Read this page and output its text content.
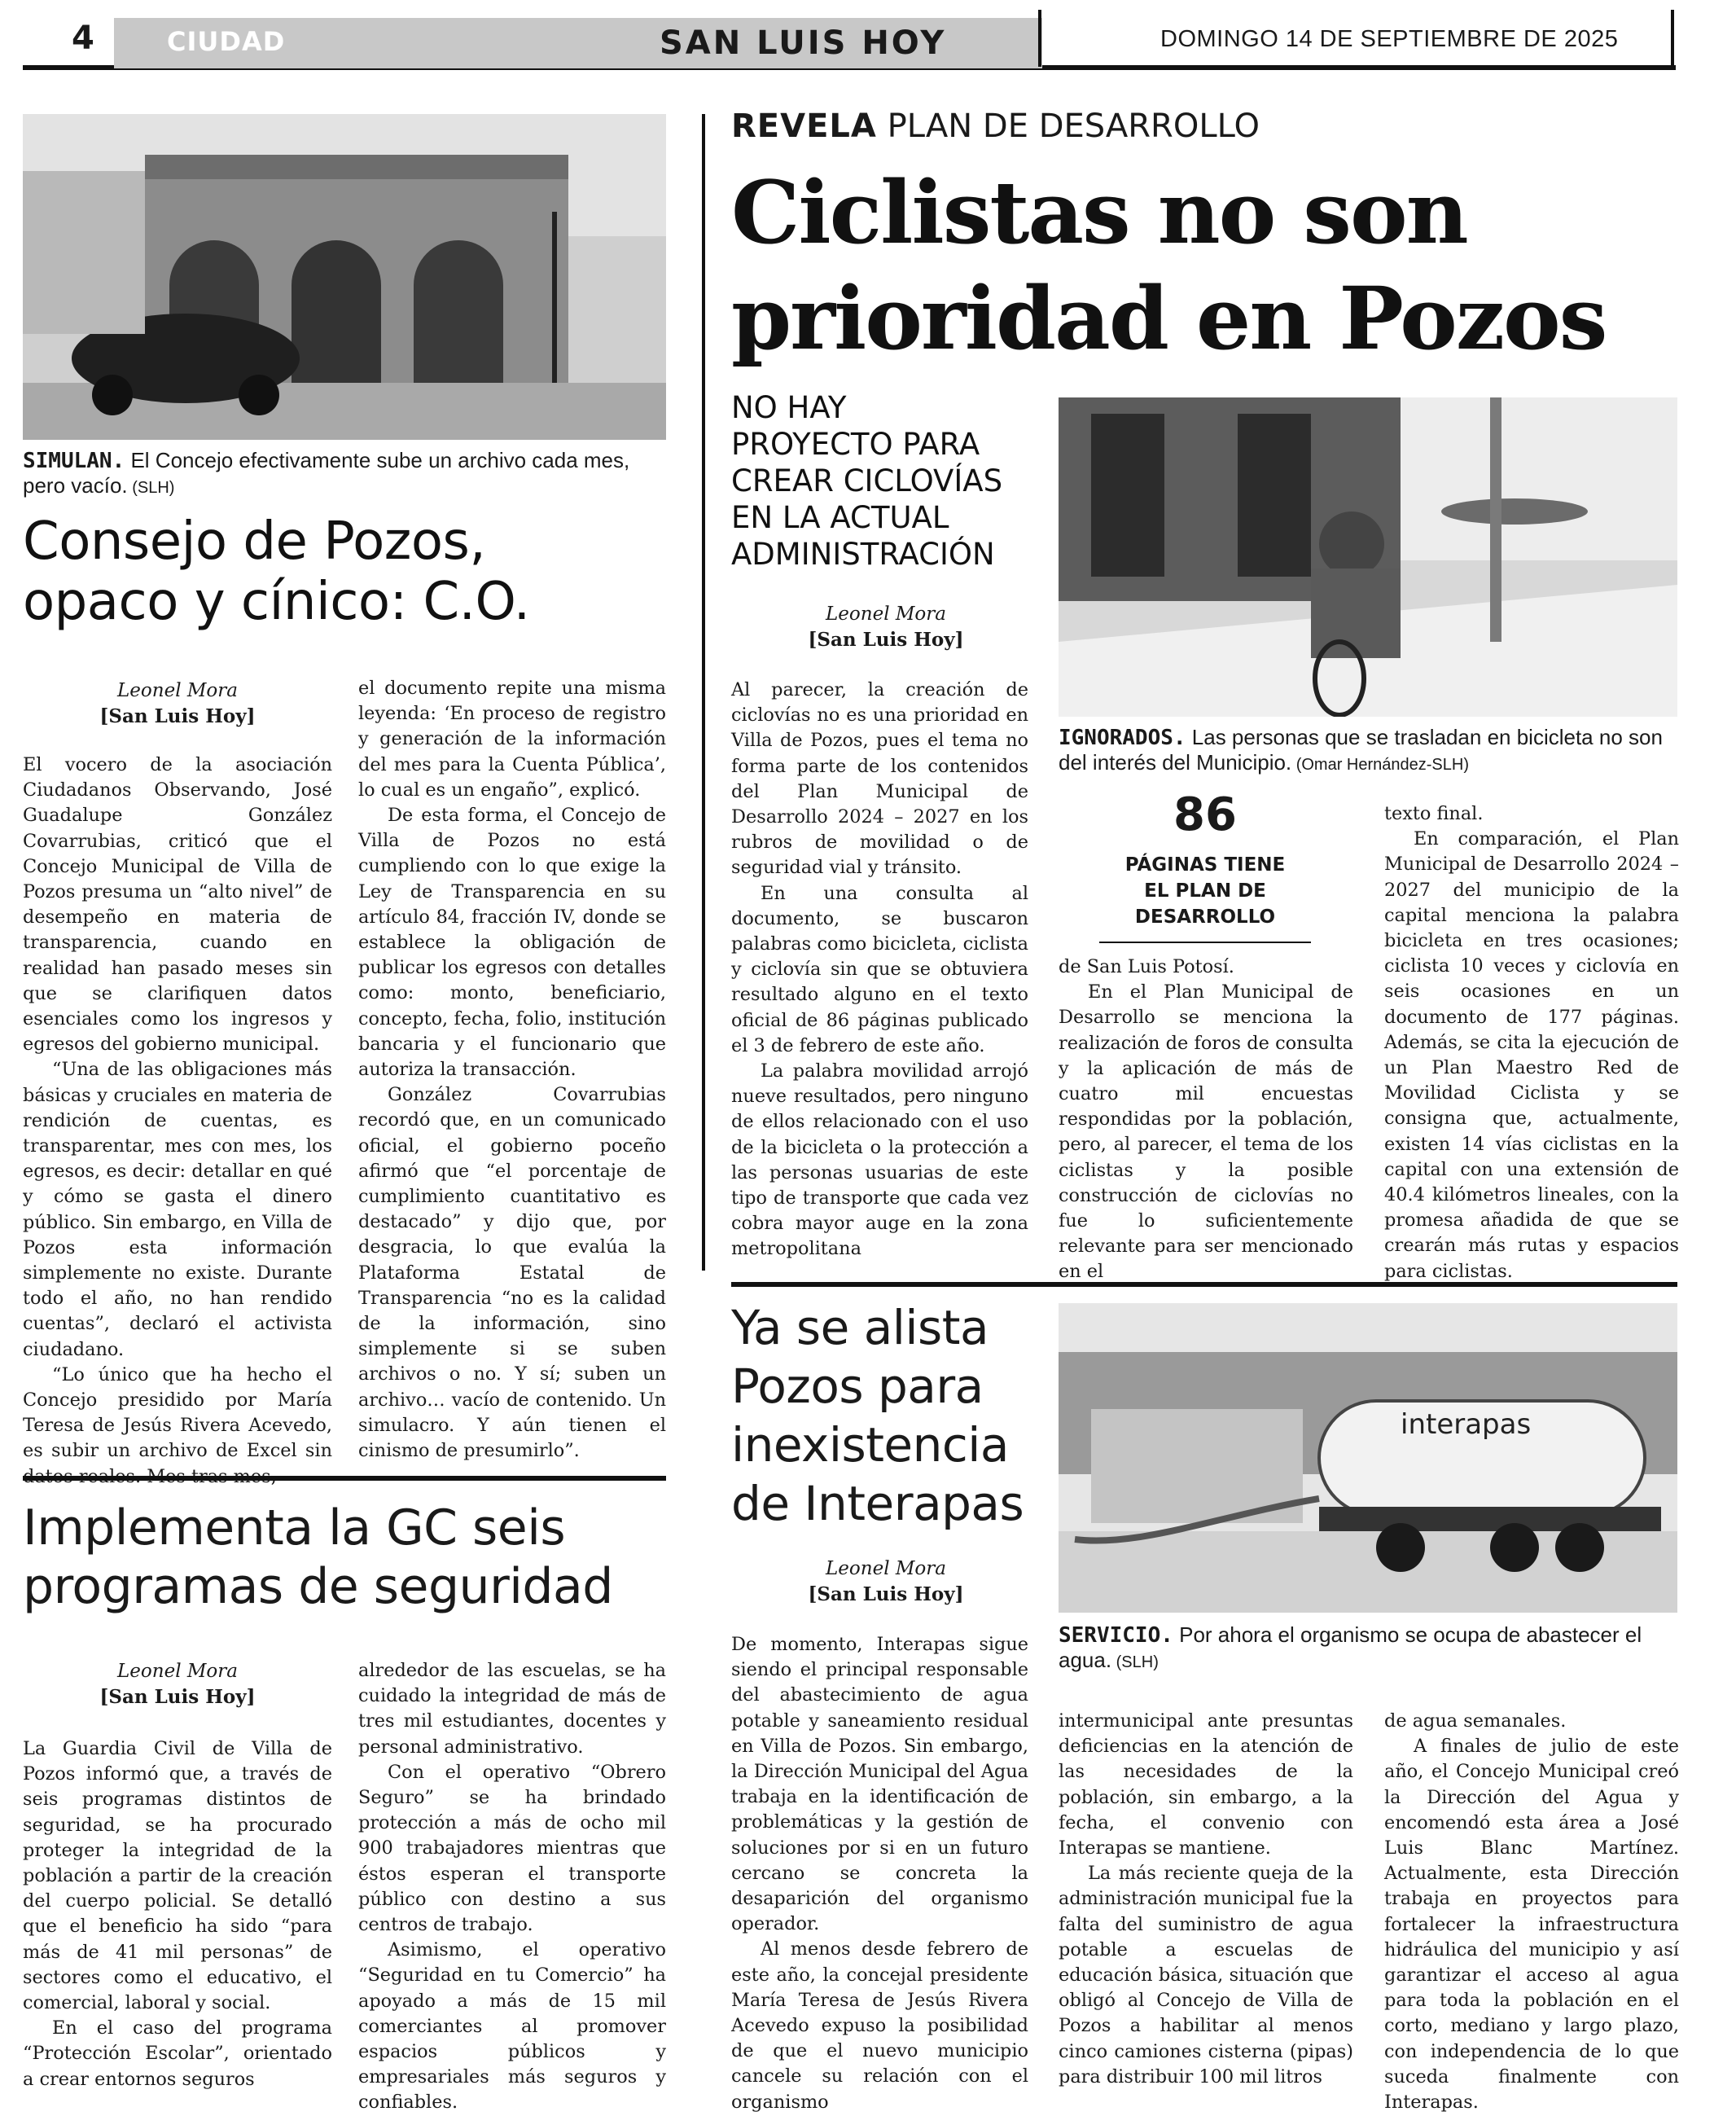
4	CIUDAD	SAN LUIS HOY	DOMINGO 14 DE SEPTIEMBRE DE 2025
SIMULAN. El Concejo efectivamente sube un archivo cada mes, pero vacío. (SLH)
Consejo de Pozos,
opaco y cínico: C.O.
Leonel Mora
[San Luis Hoy]

El vocero de la asociación Ciudadanos Observando, José Guadalupe González Covarrubias, criticó que el Concejo Municipal de Villa de Pozos presuma un “alto nivel” de desempeño en materia de transparencia, cuando en realidad han pasado meses sin que se clarifiquen datos esenciales como los ingresos y egresos del gobierno municipal.

“Una de las obligaciones más básicas y cruciales en materia de rendición de cuentas, es transparentar, mes con mes, los egresos, es decir: detallar en qué y cómo se gasta el dinero público. Sin embargo, en Villa de Pozos esta información simplemente no existe. Durante todo el año, no han rendido cuentas”, declaró el activista ciudadano.

“Lo único que ha hecho el Concejo presidido por María Teresa de Jesús Rivera Acevedo, es subir un archivo de Excel sin

el documento repite una misma leyenda: ‘En proceso de registro y generación de la información del mes para la Cuenta Pública’, lo cual es un engaño”, explicó.

De esta forma, el Concejo de Villa de Pozos no está cumpliendo con lo que exige la Ley de Transparencia en su artículo 84, fracción IV, donde se establece la obligación de publicar los egresos con detalles como: monto, beneficiario, concepto, fecha, folio, institución bancaria y el funcionario que autoriza la transacción.

González Covarrubias recordó que, en un comunicado oficial, el gobierno poceño afirmó que “el porcentaje de cumplimiento cuantitativo es destacado” y dijo que, por desgracia, lo que evalúa la Plataforma Estatal de Transparencia “no es la calidad de la información, sino simplemente si se suben archivos o no. Y sí; suben un archivo… vacío de contenido. Un simulacro. Y aún tienen el cinismo de presumirlo”.

Implementa la GC seis
programas de seguridad
Leonel Mora
[San Luis Hoy]

La Guardia Civil de Villa de Pozos informó que, a través de seis programas distintos de seguridad, se ha procurado proteger la integridad de la población a partir de la creación del cuerpo policial. Se detalló que el beneficio ha sido “para más de 41 mil personas” de sectores como el educativo, el comercial, laboral y social.

En el caso del programa “Protección Escolar”, orientado a crear entornos seguros

alrededor de las escuelas, se ha cuidado la integridad de más de tres mil estudiantes, docentes y personal administrativo.

Con el operativo “Obrero Seguro” se ha brindado protección a más de ocho mil 900 trabajadores mientras que éstos esperan el transporte público con destino a sus centros de trabajo.

Asimismo, el operativo “Seguridad en tu Comercio” ha apoyado a más de 15 mil comerciantes al promover espacios públicos y empresariales más seguros y confiables.

REVELA PLAN DE DESARROLLO
Ciclistas no son
prioridad en Pozos
NO HAY
PROYECTO PARA
CREAR CICLOVÍAS
EN LA ACTUAL
ADMINISTRACIÓN
Leonel Mora
[San Luis Hoy]
IGNORADOS. Las personas que se trasladan en bicicleta no son del interés del Municipio. (Omar Hernández-SLH)

Al parecer, la creación de ciclovías no es una prioridad en Villa de Pozos, pues el tema no forma parte de los contenidos del Plan Municipal de Desarrollo 2024 – 2027 en los rubros de movilidad o de seguridad vial y tránsito.

En una consulta al documento, se buscaron palabras como bicicleta, ciclista y ciclovía sin que se obtuviera resultado alguno en el texto oficial de 86 páginas publicado el 3 de febrero de este año.

La palabra movilidad arrojó nueve resultados, pero ninguno de ellos relacionado con el uso de la bicicleta o la protección a las personas usuarias de este tipo de transporte que cada vez cobra mayor auge en la zona metropolitana

86
PÁGINAS TIENE
EL PLAN DE
DESARROLLO

de San Luis Potosí.

En el Plan Municipal de Desarrollo se menciona la realización de foros de consulta y la aplicación de más de cuatro mil encuestas respondidas por la población, pero, al parecer, el tema de los ciclistas y la posible construcción de ciclovías no fue lo suficientemente relevante para ser mencionado en el

texto final.

En comparación, el Plan Municipal de Desarrollo 2024 – 2027 del municipio de la capital menciona la palabra bicicleta en tres ocasiones; ciclista 10 veces y ciclovía en seis ocasiones en un documento de 177 páginas. Además, se cita la ejecución de un Plan Maestro Red de Movilidad Ciclista y se consigna que, actualmente, existen 14 vías ciclistas en la capital con una extensión de 40.4 kilómetros lineales, con la promesa añadida de que se crearán más rutas y espacios para ciclistas.

Ya se alista
Pozos para
inexistencia
de Interapas
Leonel Mora
[San Luis Hoy]
interapas
SERVICIO. Por ahora el organismo se ocupa de abastecer el agua. (SLH)

De momento, Interapas sigue siendo el principal responsable del abastecimiento de agua potable y saneamiento residual en Villa de Pozos. Sin embargo, la Dirección Municipal del Agua trabaja en la identificación de problemáticas y la gestión de soluciones por si en un futuro cercano se concreta la desaparición del organismo operador.

Al menos desde febrero de este año, la concejal presidente María Teresa de Jesús Rivera Acevedo expuso la posibilidad de que el nuevo municipio cancele su relación con el organismo

intermunicipal ante presuntas deficiencias en la atención de las necesidades de la población, sin embargo, a la fecha, el convenio con Interapas se mantiene.

La más reciente queja de la administración municipal fue la falta del suministro de agua potable a escuelas de educación básica, situación que obligó al Concejo de Villa de Pozos a habilitar al menos cinco camiones cisterna (pipas) para distribuir 100 mil litros

de agua semanales.

A finales de julio de este año, el Concejo Municipal creó la Dirección del Agua y encomendó esta área a José Luis Blanc Martínez. Actualmente, esta Dirección trabaja en proyectos para fortalecer la infraestructura hidráulica del municipio y así garantizar el acceso al agua para toda la población en el corto, mediano y largo plazo, con independencia de lo que suceda finalmente con Interapas.
